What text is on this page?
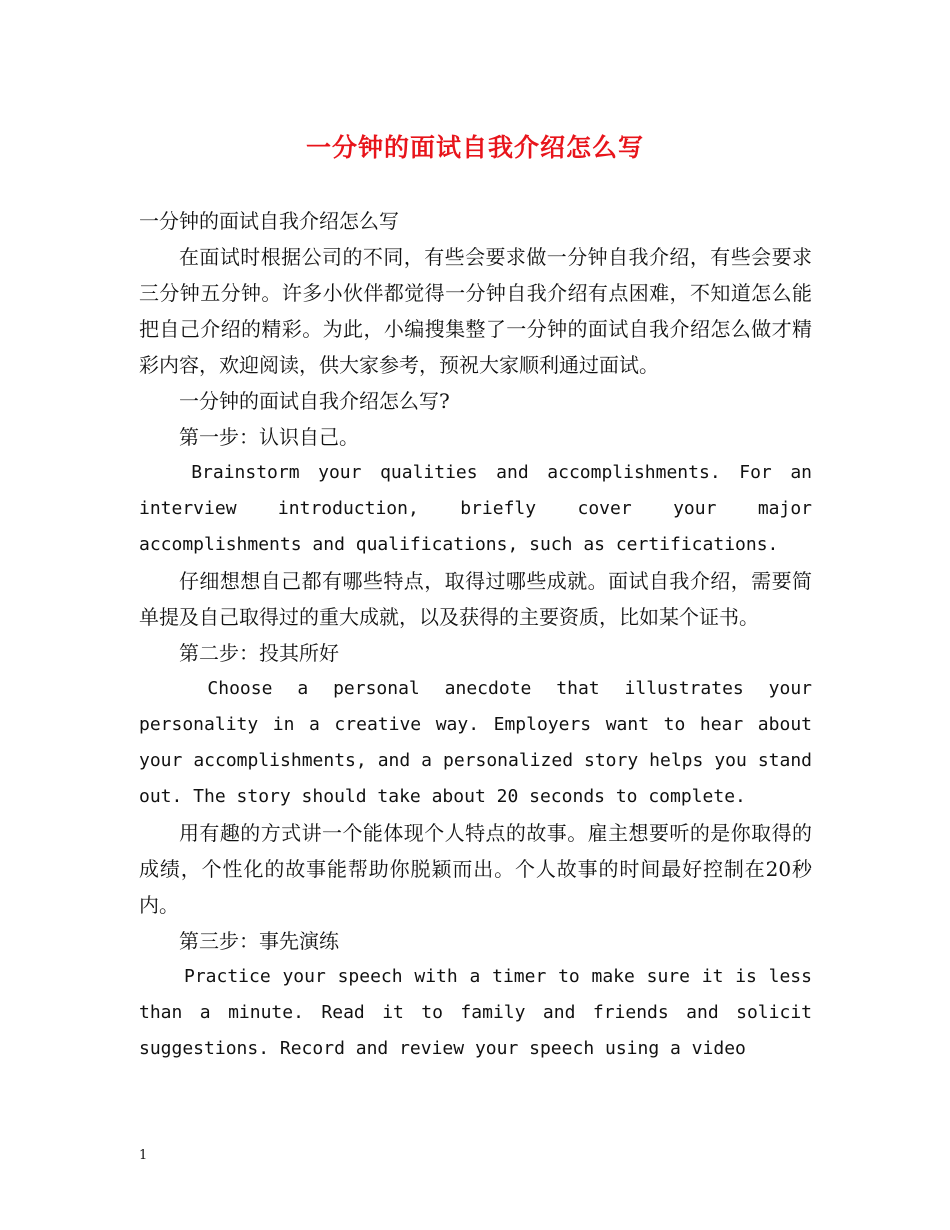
一分钟的面试自我介绍怎么写

一分钟的面试自我介绍怎么写

在面试时根据公司的不同，有些会要求做一分钟自我介绍，有些会要求三分钟五分钟。许多小伙伴都觉得一分钟自我介绍有点困难，不知道怎么能把自己介绍的精彩。为此，小编搜集整了一分钟的面试自我介绍怎么做才精彩内容，欢迎阅读，供大家参考，预祝大家顺利通过面试。

一分钟的面试自我介绍怎么写?

第一步：认识自己。

Brainstorm your qualities and accomplishments. For an interview introduction, briefly cover your major accomplishments and qualifications, such as certifications.

仔细想想自己都有哪些特点，取得过哪些成就。面试自我介绍，需要简单提及自己取得过的重大成就，以及获得的主要资质，比如某个证书。

第二步：投其所好

Choose a personal anecdote that illustrates your personality in a creative way. Employers want to hear about your accomplishments, and a personalized story helps you stand out. The story should take about 20 seconds to complete.

用有趣的方式讲一个能体现个人特点的故事。雇主想要听的是你取得的成绩，个性化的故事能帮助你脱颖而出。个人故事的时间最好控制在20秒内。

第三步：事先演练

Practice your speech with a timer to make sure it is less than a minute. Read it to family and friends and solicit suggestions. Record and review your speech using a video

1
